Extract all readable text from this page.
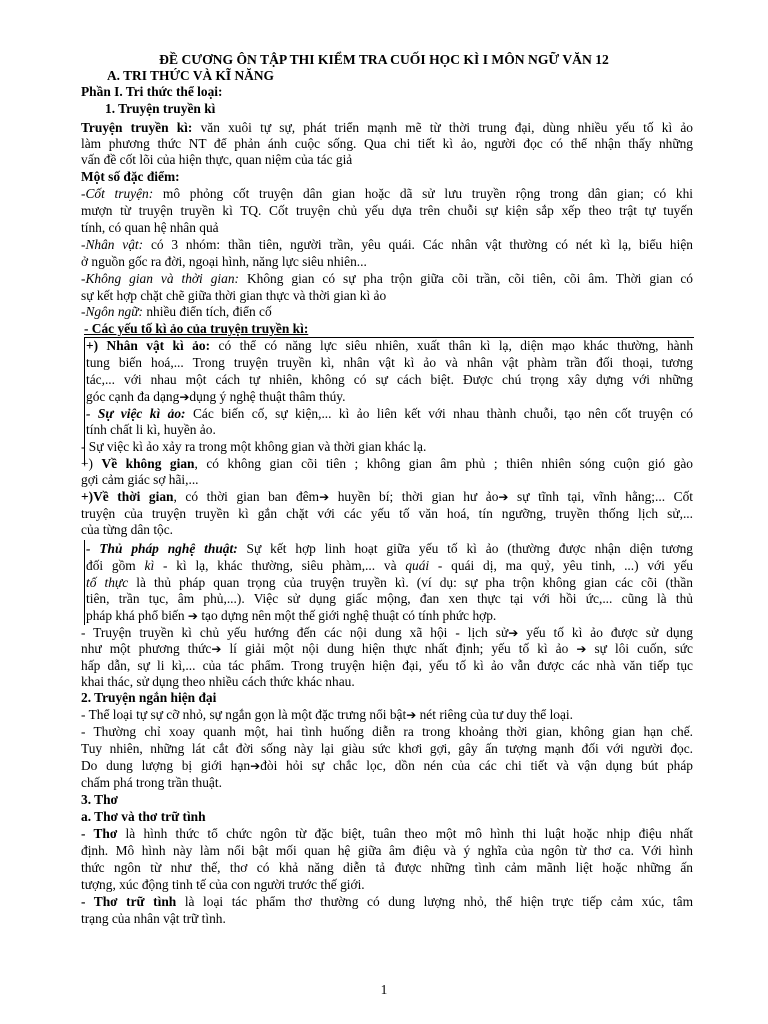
ĐỀ CƯƠNG ÔN TẬP THI KIỂM TRA CUỐI HỌC KÌ I MÔN NGỮ VĂN 12
A. TRI THỨC VÀ KĨ NĂNG
Phần I. Tri thức thể loại:
1. Truyện truyền kì
Truyện truyền kì: văn xuôi tự sự, phát triển mạnh mẽ từ thời trung đại, dùng nhiều yếu tố kì ảo
làm phương thức NT để phản ánh cuộc sống. Qua chi tiết kì ảo, người đọc có thể nhận thấy những
vấn đề cốt lõi của hiện thực, quan niệm của tác giả
Một số đặc điểm:
-Cốt truyện: mô phỏng cốt truyện dân gian hoặc dã sử lưu truyền rộng trong dân gian; có khi
mượn từ truyện truyền kì TQ. Cốt truyện chủ yếu dựa trên chuỗi sự kiện sắp xếp theo trật tự tuyến
tính, có quan hệ nhân quả
-Nhân vật: có 3 nhóm: thần tiên, người trần, yêu quái. Các nhân vật thường có nét kì lạ, biểu hiện
ở nguồn gốc ra đời, ngoại hình, năng lực siêu nhiên...
-Không gian và thời gian: Không gian có sự pha trộn giữa cõi trần, cõi tiên, cõi âm. Thời gian có
sự kết hợp chặt chẽ giữa thời gian thực và thời gian kì ảo
-Ngôn ngữ: nhiều điển tích, điển cố
- Các yếu tố kì ảo của truyện truyền kì:
+) Nhân vật kì ảo: có thể có năng lực siêu nhiên, xuất thân kì lạ, diện mạo khác thường, hành
tung biến hoá,... Trong truyện truyền kì, nhân vật kì ảo và nhân vật phàm trần đối thoại, tương
tác,... với nhau một cách tự nhiên, không có sự cách biệt. Được chú trọng xây dựng với những
góc cạnh đa dạng➔dụng ý nghệ thuật thâm thúy.
- Sự việc kì ảo: Các biến cố, sự kiện,... kì ảo liên kết với nhau thành chuỗi, tạo nên cốt truyện có
tính chất li kì, huyền ảo.
- Sự việc kì ảo xảy ra trong một không gian và thời gian khác lạ.
+) Về không gian, có không gian cõi tiên ; không gian âm phủ ; thiên nhiên sóng cuộn gió gào
gợi cảm giác sợ hãi,...
+)Về thời gian, có thời gian ban đêm➔ huyền bí; thời gian hư ảo➔ sự tĩnh tại, vĩnh hằng;... Cốt
truyện của truyện truyền kì gắn chặt với các yếu tố văn hoá, tín ngưỡng, truyền thống lịch sử,...
của từng dân tộc.
- Thủ pháp nghệ thuật: Sự kết hợp linh hoạt giữa yếu tố kì ảo (thường được nhận diện tương
đối gồm kì - kì lạ, khác thường, siêu phàm,... và quái - quái dị, ma quỷ, yêu tinh, ...) với yếu
tố thực là thủ pháp quan trọng của truyện truyền kì. (ví dụ: sự pha trộn không gian các cõi (thần
tiên, trần tục, âm phủ,...). Việc sử dụng giấc mộng, đan xen thực tại với hồi ức,... cũng là thủ
pháp khá phổ biến ➔ tạo dựng nên một thế giới nghệ thuật có tính phức hợp.
- Truyện truyền kì chủ yếu hướng đến các nội dung xã hội - lịch sử➔ yếu tố kì ảo được sử dụng
như một phương thức➔ lí giải một nội dung hiện thực nhất định; yếu tố kì ảo ➔ sự lôi cuốn, sức
hấp dẫn, sự li kì,... của tác phẩm. Trong truyện hiện đại, yếu tố kì ảo vẫn được các nhà văn tiếp tục
khai thác, sử dụng theo nhiều cách thức khác nhau.
2. Truyện ngắn hiện đại
- Thể loại tự sự cỡ nhỏ, sự ngắn gọn là một đặc trưng nổi bật➔ nét riêng của tư duy thể loại.
- Thường chỉ xoay quanh một, hai tình huống diễn ra trong khoảng thời gian, không gian hạn chế.
Tuy nhiên, những lát cắt đời sống này lại giàu sức khơi gợi, gây ấn tượng mạnh đối với người đọc.
Do dung lượng bị giới hạn➔đòi hỏi sự chắc lọc, dồn nén của các chi tiết và vận dụng bút pháp
chấm phá trong trần thuật.
3. Thơ
a. Thơ và thơ trữ tình
- Thơ là hình thức tổ chức ngôn từ đặc biệt, tuân theo một mô hình thi luật hoặc nhịp điệu nhất
định. Mô hình này làm nổi bật mối quan hệ giữa âm điệu và ý nghĩa của ngôn từ thơ ca. Với hình
thức ngôn từ như thế, thơ có khả năng diễn tả được những tình cảm mãnh liệt hoặc những ấn
tượng, xúc động tinh tế của con người trước thế giới.
- Thơ trữ tình là loại tác phẩm thơ thường có dung lượng nhỏ, thể hiện trực tiếp cảm xúc, tâm
trạng của nhân vật trữ tình.
1
